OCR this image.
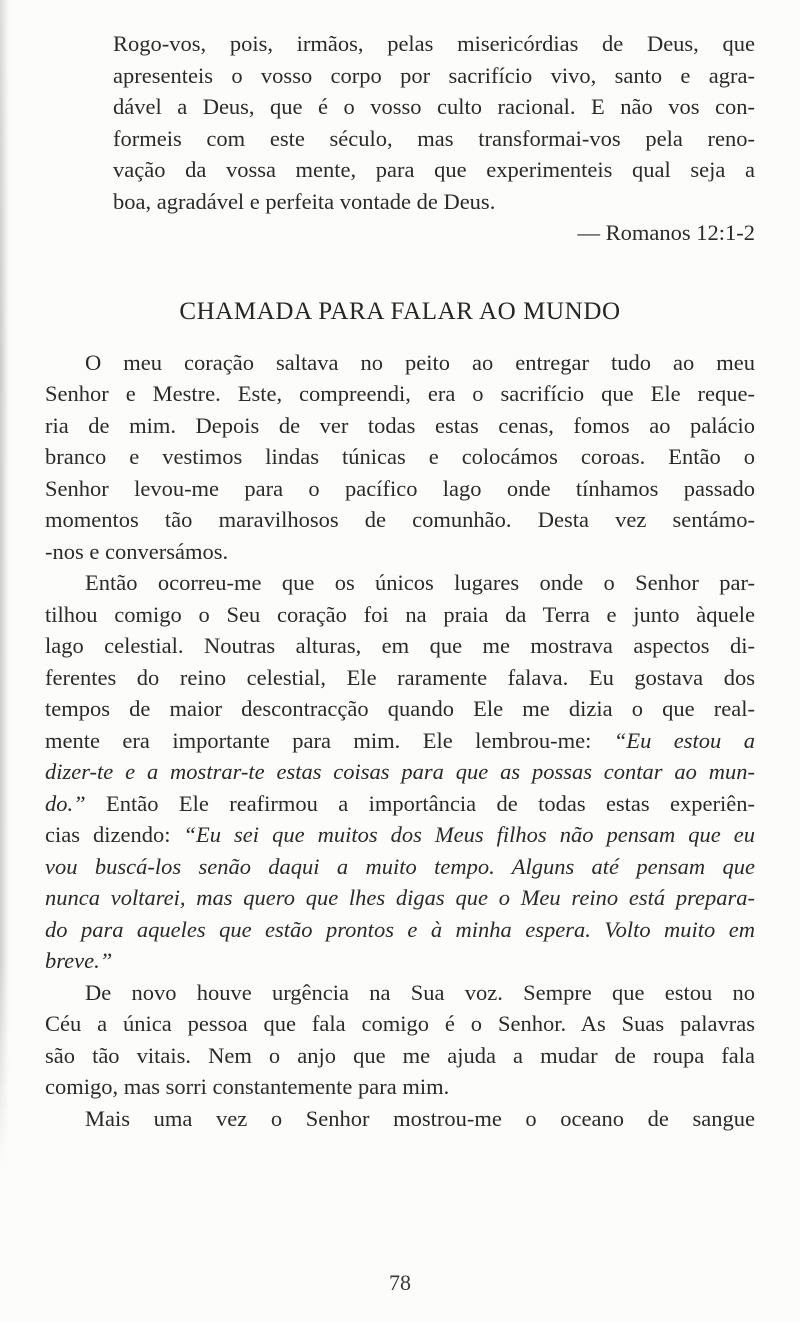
Rogo-vos, pois, irmãos, pelas misericórdias de Deus, que
apresenteis o vosso corpo por sacrifício vivo, santo e agra-
dável a Deus, que é o vosso culto racional. E não vos con-
formeis com este século, mas transformai-vos pela reno-
vação da vossa mente, para que experimenteis qual seja a
boa, agradável e perfeita vontade de Deus.
— Romanos 12:1-2
CHAMADA PARA FALAR AO MUNDO
O meu coração saltava no peito ao entregar tudo ao meu
Senhor e Mestre. Este, compreendi, era o sacrifício que Ele reque-
ria de mim. Depois de ver todas estas cenas, fomos ao palácio
branco e vestimos lindas túnicas e colocámos coroas. Então o
Senhor levou-me para o pacífico lago onde tínhamos passado
momentos tão maravilhosos de comunhão. Desta vez sentámo-
-nos e conversámos.
Então ocorreu-me que os únicos lugares onde o Senhor par-
tilhou comigo o Seu coração foi na praia da Terra e junto àquele
lago celestial. Noutras alturas, em que me mostrava aspectos di-
ferentes do reino celestial, Ele raramente falava. Eu gostava dos
tempos de maior descontracção quando Ele me dizia o que real-
mente era importante para mim. Ele lembrou-me: “Eu estou a
dizer-te e a mostrar-te estas coisas para que as possas contar ao mun-
do.” Então Ele reafirmou a importância de todas estas experiên-
cias dizendo: “Eu sei que muitos dos Meus filhos não pensam que eu
vou buscá-los senão daqui a muito tempo. Alguns até pensam que
nunca voltarei, mas quero que lhes digas que o Meu reino está prepara-
do para aqueles que estão prontos e à minha espera. Volto muito em
breve.”
De novo houve urgência na Sua voz. Sempre que estou no
Céu a única pessoa que fala comigo é o Senhor. As Suas palavras
são tão vitais. Nem o anjo que me ajuda a mudar de roupa fala
comigo, mas sorri constantemente para mim.
Mais uma vez o Senhor mostrou-me o oceano de sangue
78
